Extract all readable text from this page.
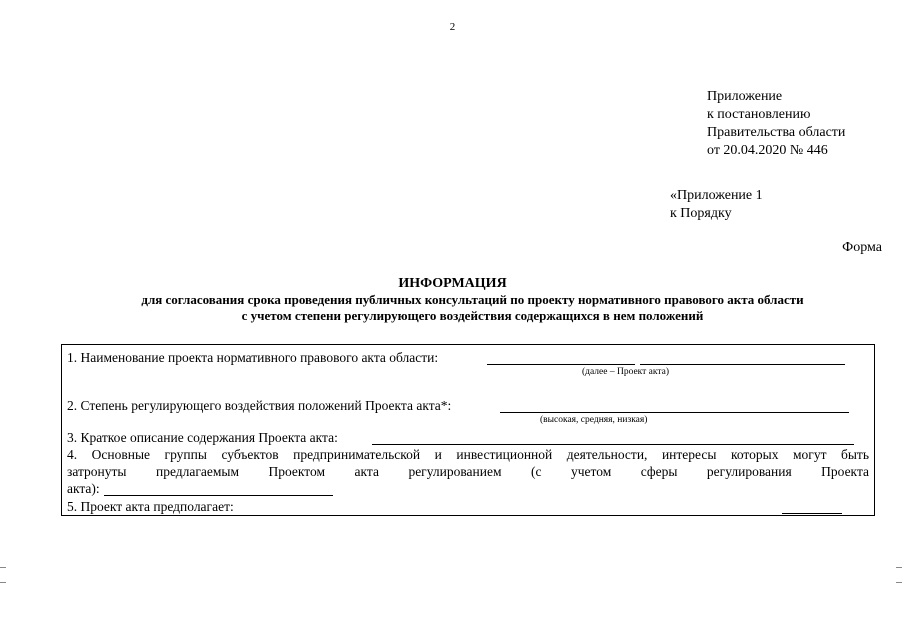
2
Приложение
к постановлению
Правительства области
от 20.04.2020 № 446
«Приложение 1
к Порядку
Форма
ИНФОРМАЦИЯ
для согласования срока проведения публичных консультаций по проекту нормативного правового акта области
с учетом степени регулирующего воздействия содержащихся в нем положений
1. Наименование проекта нормативного правового акта области:
(далее – Проект акта)
2. Степень регулирующего воздействия положений Проекта акта*:
(высокая, средняя, низкая)
3. Краткое описание содержания Проекта акта:
4. Основные группы субъектов предпринимательской и инвестиционной деятельности, интересы которых могут быть
затронуты предлагаемым Проектом акта регулированием (с учетом сферы регулирования Проекта
акта):
5. Проект акта предполагает:
